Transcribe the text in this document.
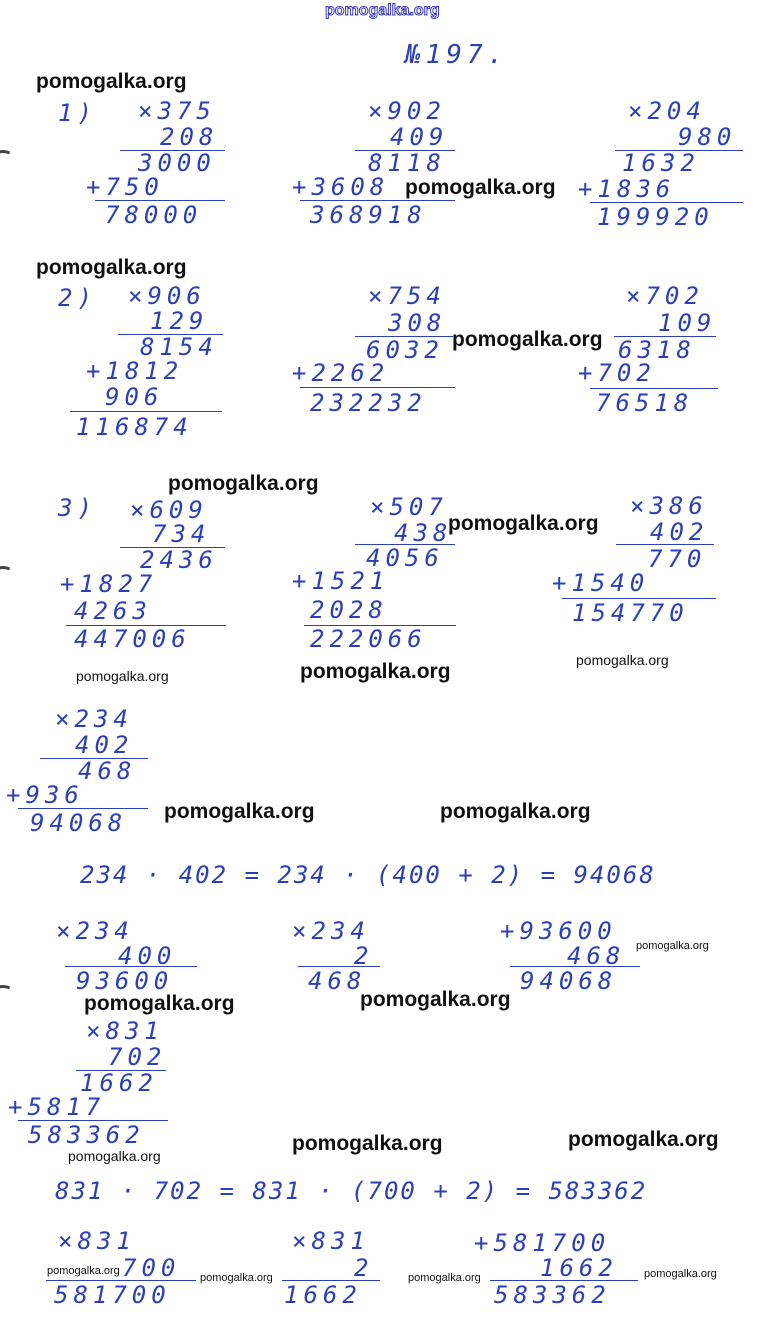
pomogalka.org
№197.
1)
2)
3)
×375
208
3000
+750
78000
×902
409
8118
+3608
368918
×204
980
1632
+1836
199920
×906
129
8154
+1812
906
116874
×754
308
6032
+2262
232232
×702
109
6318
+702
76518
×609
734
2436
+1827
4263
447006
×507
438
4056
+1521
2028
222066
×386
402
770
+1540
154770
×234
402
468
+936
94068
234 · 402 = 234 · (400 + 2) = 94068
×234
400
93600
×234
2
468
+93600
468
94068
×831
702
1662
+5817
583362
831 · 702 = 831 · (700 + 2) = 583362
×831
700
581700
×831
2
1662
+581700
1662
583362
pomogalka.org
pomogalka.org
pomogalka.org
pomogalka.org
pomogalka.org
pomogalka.org
pomogalka.org	pomogalka.org	pomogalka.org
pomogalka.org	pomogalka.org
pomogalka.org
pomogalka.org	pomogalka.org
pomogalka.org	pomogalka.org
pomogalka.org
pomogalka.org
pomogalka.org	pomogalka.org	pomogalka.org
